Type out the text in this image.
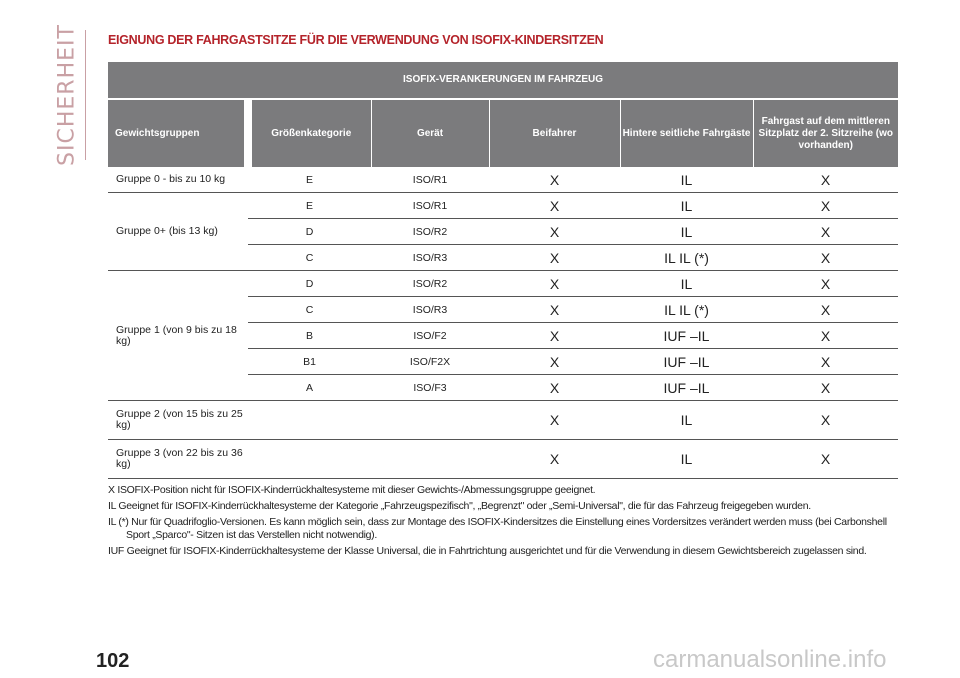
SICHERHEIT EIGNUNG DER FAHRGASTSITZE FÜR DIE VERWENDUNG VON ISOFIX-KINDERSITZEN
ISOFIX-VERANKERUNGEN IM FAHRZEUG					
Gewichtsgruppen	Größenkategorie	Gerät	Beifahrer	Hintere seitliche Fahrgäste	Fahrgast auf dem mittleren Sitzplatz der 2. Sitzreihe (wo vorhanden)
Gruppe 0 - bis zu 10 kg	E	ISO/R1	X	IL	X
Gruppe 0+ (bis 13 kg)	E	ISO/R1	X	IL	X
	D	ISO/R2	X	IL	X
	C	ISO/R3	X	IL IL (*)	X
Gruppe 1 (von 9 bis zu 18 kg)	D	ISO/R2	X	IL	X
	C	ISO/R3	X	IL IL (*)	X
	B	ISO/F2	X	IUF –IL	X
	B1	ISO/F2X	X	IUF –IL	X
	A	ISO/F3	X	IUF –IL	X
Gruppe 2 (von 15 bis zu 25 kg)			X	IL	X
Gruppe 3 (von 22 bis zu 36 kg)			X	IL	X

X ISOFIX-Position nicht für ISOFIX-Kinderrückhaltesysteme mit dieser Gewichts-/Abmessungsgruppe geeignet.

IL Geeignet für ISOFIX-Kinderrückhaltesysteme der Kategorie „Fahrzeugspezifisch", „Begrenzt" oder „Semi-Universal", die für das Fahrzeug freigegeben wurden.

IL (*) Nur für Quadrifoglio-Versionen. Es kann möglich sein, dass zur Montage des ISOFIX-Kindersitzes die Einstellung eines Vordersitzes verändert werden muss (bei Carbonshell Sport „Sparco"- Sitzen ist das Verstellen nicht notwendig).

IUF Geeignet für ISOFIX-Kinderrückhaltesysteme der Klasse Universal, die in Fahrtrichtung ausgerichtet und für die Verwendung in diesem Gewichtsbereich zugelassen sind.

102	carmanualsonline.info
